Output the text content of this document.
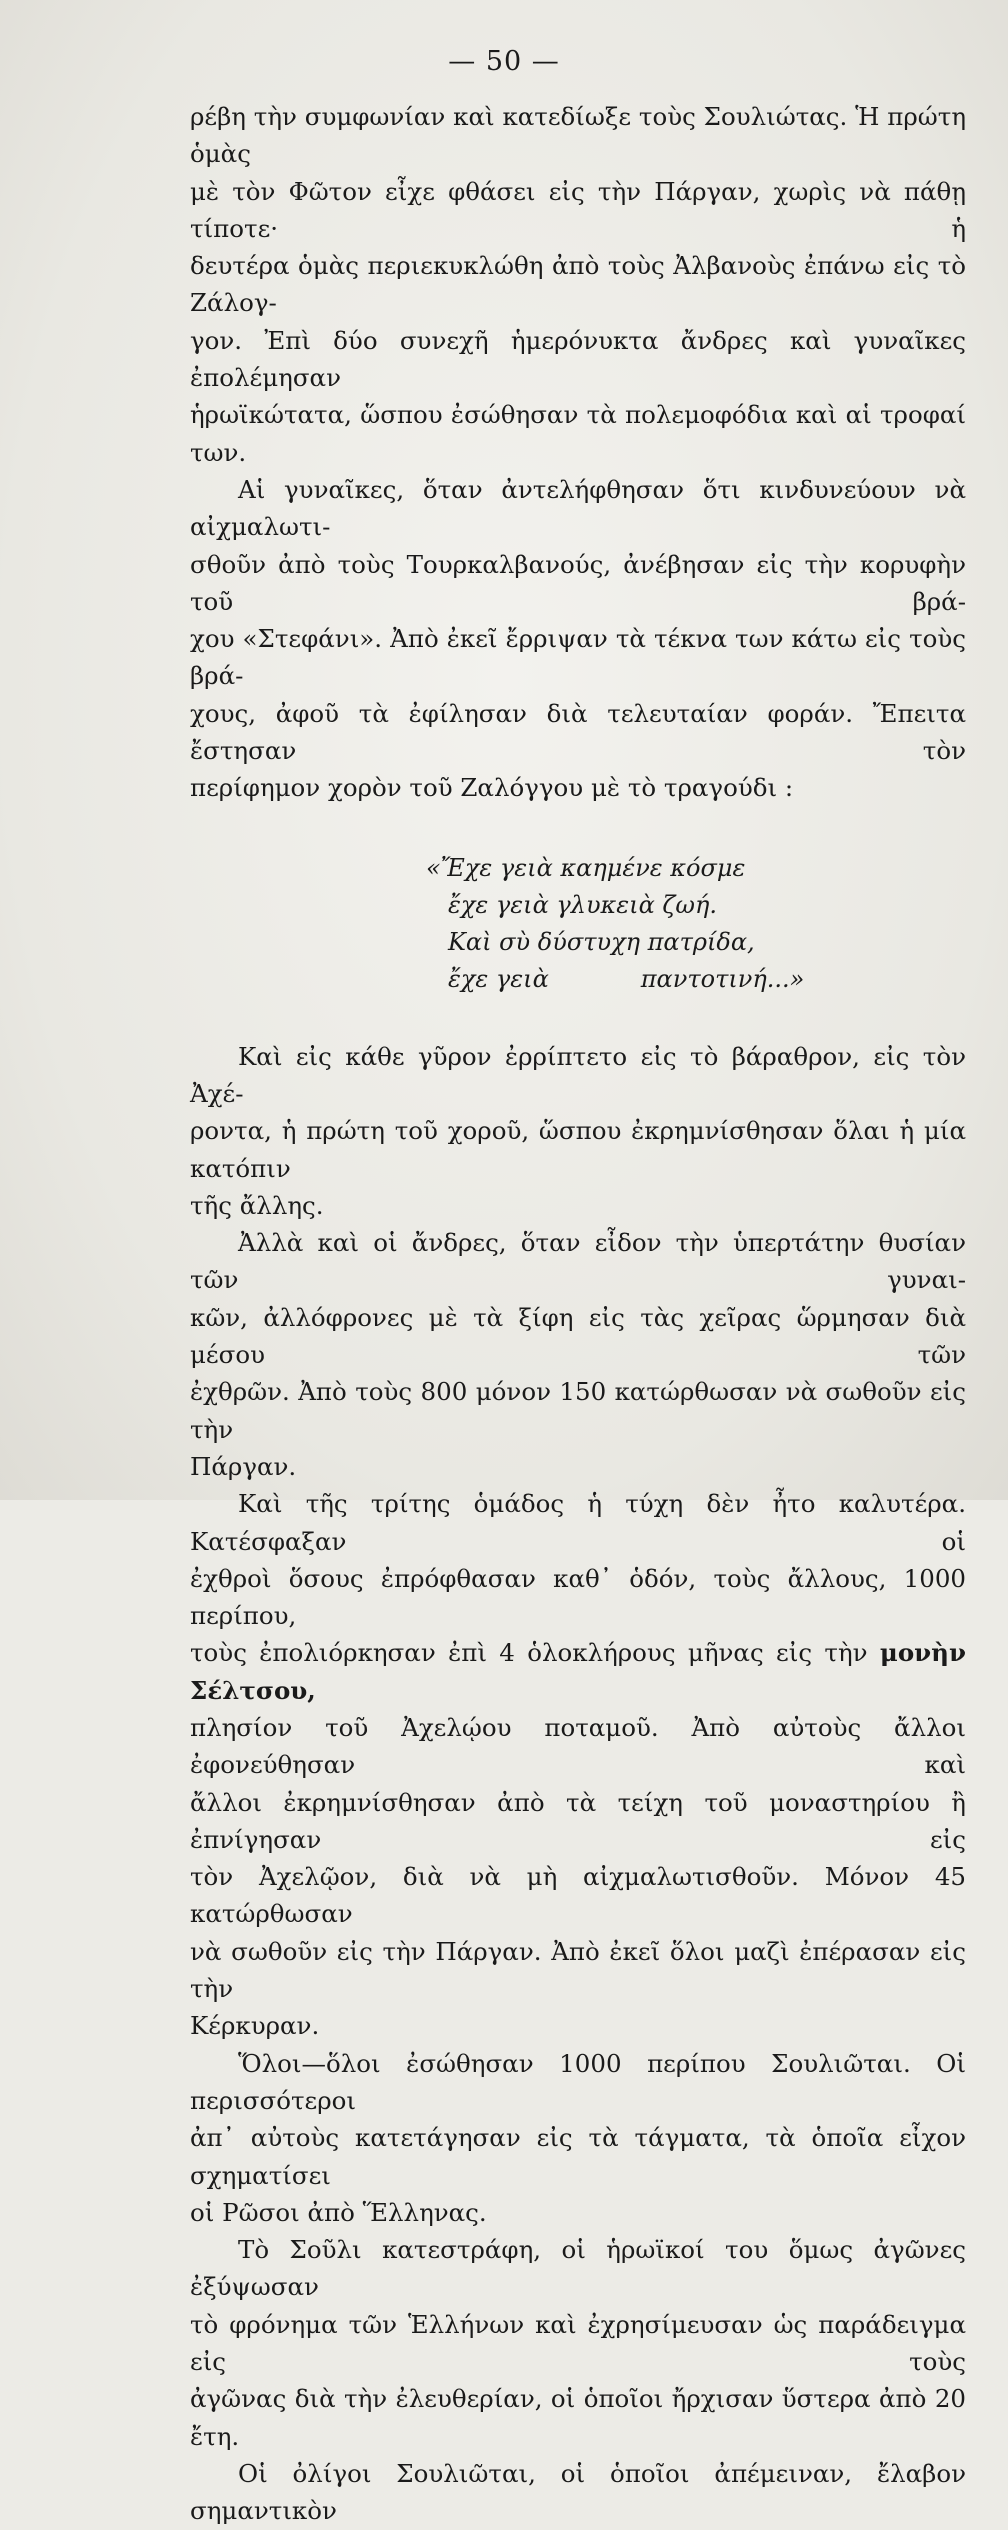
— 50 —

ρέβη τὴν συμφωνίαν καὶ κατεδίωξε τοὺς Σουλιώτας. Ἡ πρώτη ὁμὰς

μὲ τὸν Φῶτον εἶχε φθάσει εἰς τὴν Πάργαν, χωρὶς νὰ πάθῃ τίποτε· ἡ

δευτέρα ὁμὰς περιεκυκλώθη ἀπὸ τοὺς Ἀλβανοὺς ἐπάνω εἰς τὸ Ζάλογ-

γον. Ἐπὶ δύο συνεχῆ ἡμερόνυκτα ἄνδρες καὶ γυναῖκες ἐπολέμησαν

ἡρωϊκώτατα, ὥσπου ἐσώθησαν τὰ πολεμοφόδια καὶ αἱ τροφαί των.

Αἱ γυναῖκες, ὅταν ἀντελήφθησαν ὅτι κινδυνεύουν νὰ αἰχμαλωτι-

σθοῦν ἀπὸ τοὺς Τουρκαλβανούς, ἀνέβησαν εἰς τὴν κορυφὴν τοῦ βρά-

χου «Στεφάνι». Ἀπὸ ἐκεῖ ἔρριψαν τὰ τέκνα των κάτω εἰς τοὺς βρά-

χους, ἀφοῦ τὰ ἐφίλησαν διὰ τελευταίαν φοράν. Ἔπειτα ἔστησαν τὸν

περίφημον χορὸν τοῦ Ζαλόγγου μὲ τὸ τραγούδι :

«Ἔχε γειὰ καημένε κόσμε
ἔχε γειὰ γλυκειὰ ζωή.
Καὶ σὺ δύστυχη πατρίδα,
ἔχε γειὰ	παντοτινή...»

Καὶ εἰς κάθε γῦρον ἐρρίπτετο εἰς τὸ βάραθρον, εἰς τὸν Ἀχέ-

ροντα, ἡ πρώτη τοῦ χοροῦ, ὥσπου ἐκρημνίσθησαν ὅλαι ἡ μία κατόπιν

τῆς ἄλλης.

Ἀλλὰ καὶ οἱ ἄνδρες, ὅταν εἶδον τὴν ὑπερτάτην θυσίαν τῶν γυναι-

κῶν, ἀλλόφρονες μὲ τὰ ξίφη εἰς τὰς χεῖρας ὥρμησαν διὰ μέσου τῶν

ἐχθρῶν. Ἀπὸ τοὺς 800 μόνον 150 κατώρθωσαν νὰ σωθοῦν εἰς τὴν

Πάργαν.

Καὶ τῆς τρίτης ὁμάδος ἡ τύχη δὲν ἦτο καλυτέρα. Κατέσφαξαν οἱ

ἐχθροὶ ὅσους ἐπρόφθασαν καθ᾿ ὁδόν, τοὺς ἄλλους, 1000 περίπου,

τοὺς ἐπολιόρκησαν ἐπὶ 4 ὁλοκλήρους μῆνας εἰς τὴν μονὴν Σέλτσου,

πλησίον τοῦ Ἀχελῴου ποταμοῦ. Ἀπὸ αὐτοὺς ἄλλοι ἐφονεύθησαν καὶ

ἄλλοι ἐκρημνίσθησαν ἀπὸ τὰ τείχη τοῦ μοναστηρίου ἢ ἐπνίγησαν εἰς

τὸν Ἀχελῷον, διὰ νὰ μὴ αἰχμαλωτισθοῦν. Μόνον 45 κατώρθωσαν

νὰ σωθοῦν εἰς τὴν Πάργαν. Ἀπὸ ἐκεῖ ὅλοι μαζὶ ἐπέρασαν εἰς τὴν

Κέρκυραν.

Ὅλοι—ὅλοι ἐσώθησαν 1000 περίπου Σουλιῶται. Οἱ περισσότεροι

ἀπ᾿ αὐτοὺς κατετάγησαν εἰς τὰ τάγματα, τὰ ὁποῖα εἶχον σχηματίσει

οἱ Ρῶσοι ἀπὸ Ἕλληνας.

Τὸ Σοῦλι κατεστράφη, οἱ ἡρωϊκοί του ὅμως ἀγῶνες ἐξύψωσαν

τὸ φρόνημα τῶν Ἑλλήνων καὶ ἐχρησίμευσαν ὡς παράδειγμα εἰς τοὺς

ἀγῶνας διὰ τὴν ἐλευθερίαν, οἱ ὁποῖοι ἤρχισαν ὕστερα ἀπὸ 20 ἔτη.

Οἱ ὀλίγοι Σουλιῶται, οἱ ὁποῖοι ἀπέμειναν, ἔλαβον σημαντικὸν
